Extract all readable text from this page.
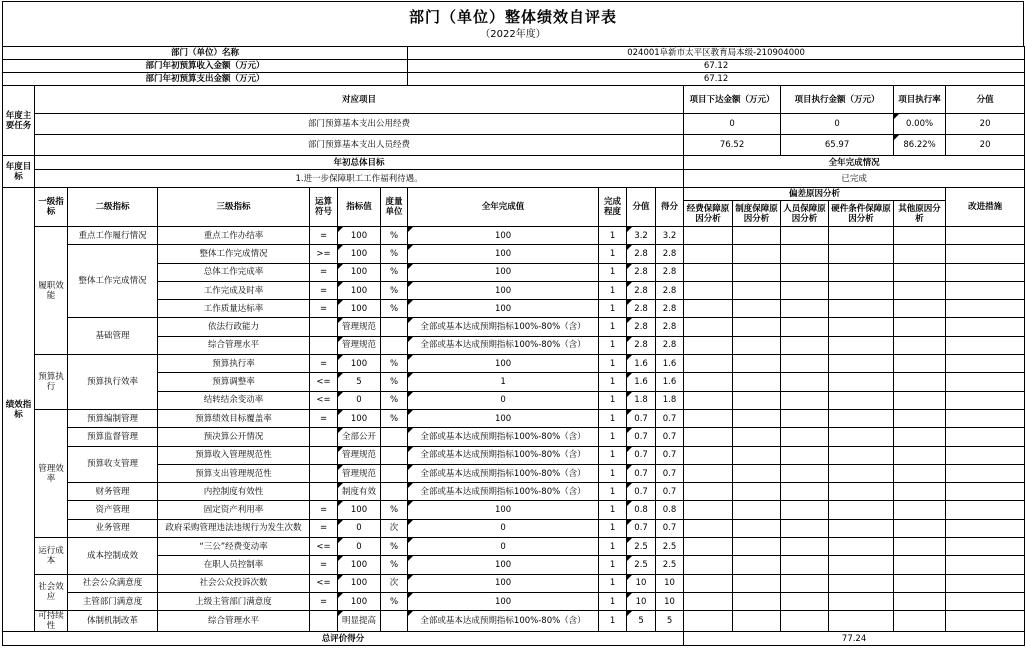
部门（单位）整体绩效自评表
（2022年度）
部门（单位）名称							024001阜新市太平区教育局本级-210904000										
部门年初预算收入金额（万元）							67.12										
部门年初预算支出金额（万元）							67.12										
年度主要任务	对应项目										项目下达金额（万元）		项目执行金额（万元）		项目执行率	分值	
	部门预算基本支出公用经费										0		0		0.00%	20	
	部门预算基本支出人员经费										76.52		65.97		86.22%	20	
年度目标	年初总体目标										全年完成情况						
	1.进一步保障职工工作福利待遇。										已完成						
绩效指标	一级指标	二级指标	三级指标	运算符号	指标值	度量单位	全年完成值	完成程度	分值	得分	偏差原因分析					改进措施	
											经费保障原因分析	制度保障原因分析	人员保障原因分析	硬件条件保障原因分析	其他原因分析		
	履职效能	重点工作履行情况	重点工作办结率	=	100	%	100	1	3.2	3.2							
		整体工作完成情况	整体工作完成情况	>=	100	%	100	1	2.8	2.8							
			总体工作完成率	=	100	%	100	1	2.8	2.8							
			工作完成及时率	=	100	%	100	1	2.8	2.8							
			工作质量达标率	=	100	%	100	1	2.8	2.8							
		基础管理	依法行政能力		管理规范		全部或基本达成预期指标100%-80%（含）	1	2.8	2.8							
			综合管理水平		管理规范		全部或基本达成预期指标100%-80%（含）	1	2.8	2.8							
	预算执行	预算执行效率	预算执行率	=	100	%	100	1	1.6	1.6							
			预算调整率	<=	5	%	1	1	1.6	1.6							
			结转结余变动率	<=	0	%	0	1	1.8	1.8							
	管理效率	预算编制管理	预算绩效目标覆盖率	=	100	%	100	1	0.7	0.7							
		预算监督管理	预决算公开情况		全部公开		全部或基本达成预期指标100%-80%（含）	1	0.7	0.7							
		预算收支管理	预算收入管理规范性		管理规范		全部或基本达成预期指标100%-80%（含）	1	0.7	0.7							
			预算支出管理规范性		管理规范		全部或基本达成预期指标100%-80%（含）	1	0.7	0.7							
		财务管理	内控制度有效性		制度有效		全部或基本达成预期指标100%-80%（含）	1	0.7	0.7							
		资产管理	固定资产利用率	=	100	%	100	1	0.8	0.8							
		业务管理	政府采购管理违法违规行为发生次数	=	0	次	0	1	0.7	0.7							
	运行成本	成本控制成效	“三公”经费变动率	<=	0	%	0	1	2.5	2.5							
			在职人员控制率	=	100	%	100	1	2.5	2.5							
	社会效应	社会公众满意度	社会公众投诉次数	<=	100	次	100	1	10	10							
		主管部门满意度	上级主管部门满意度	=	100	%	100	1	10	10							
	可持续性	体制机制改革	综合管理水平		明显提高		全部或基本达成预期指标100%-80%（含）	1	5	5							
总评价得分											77.24						
